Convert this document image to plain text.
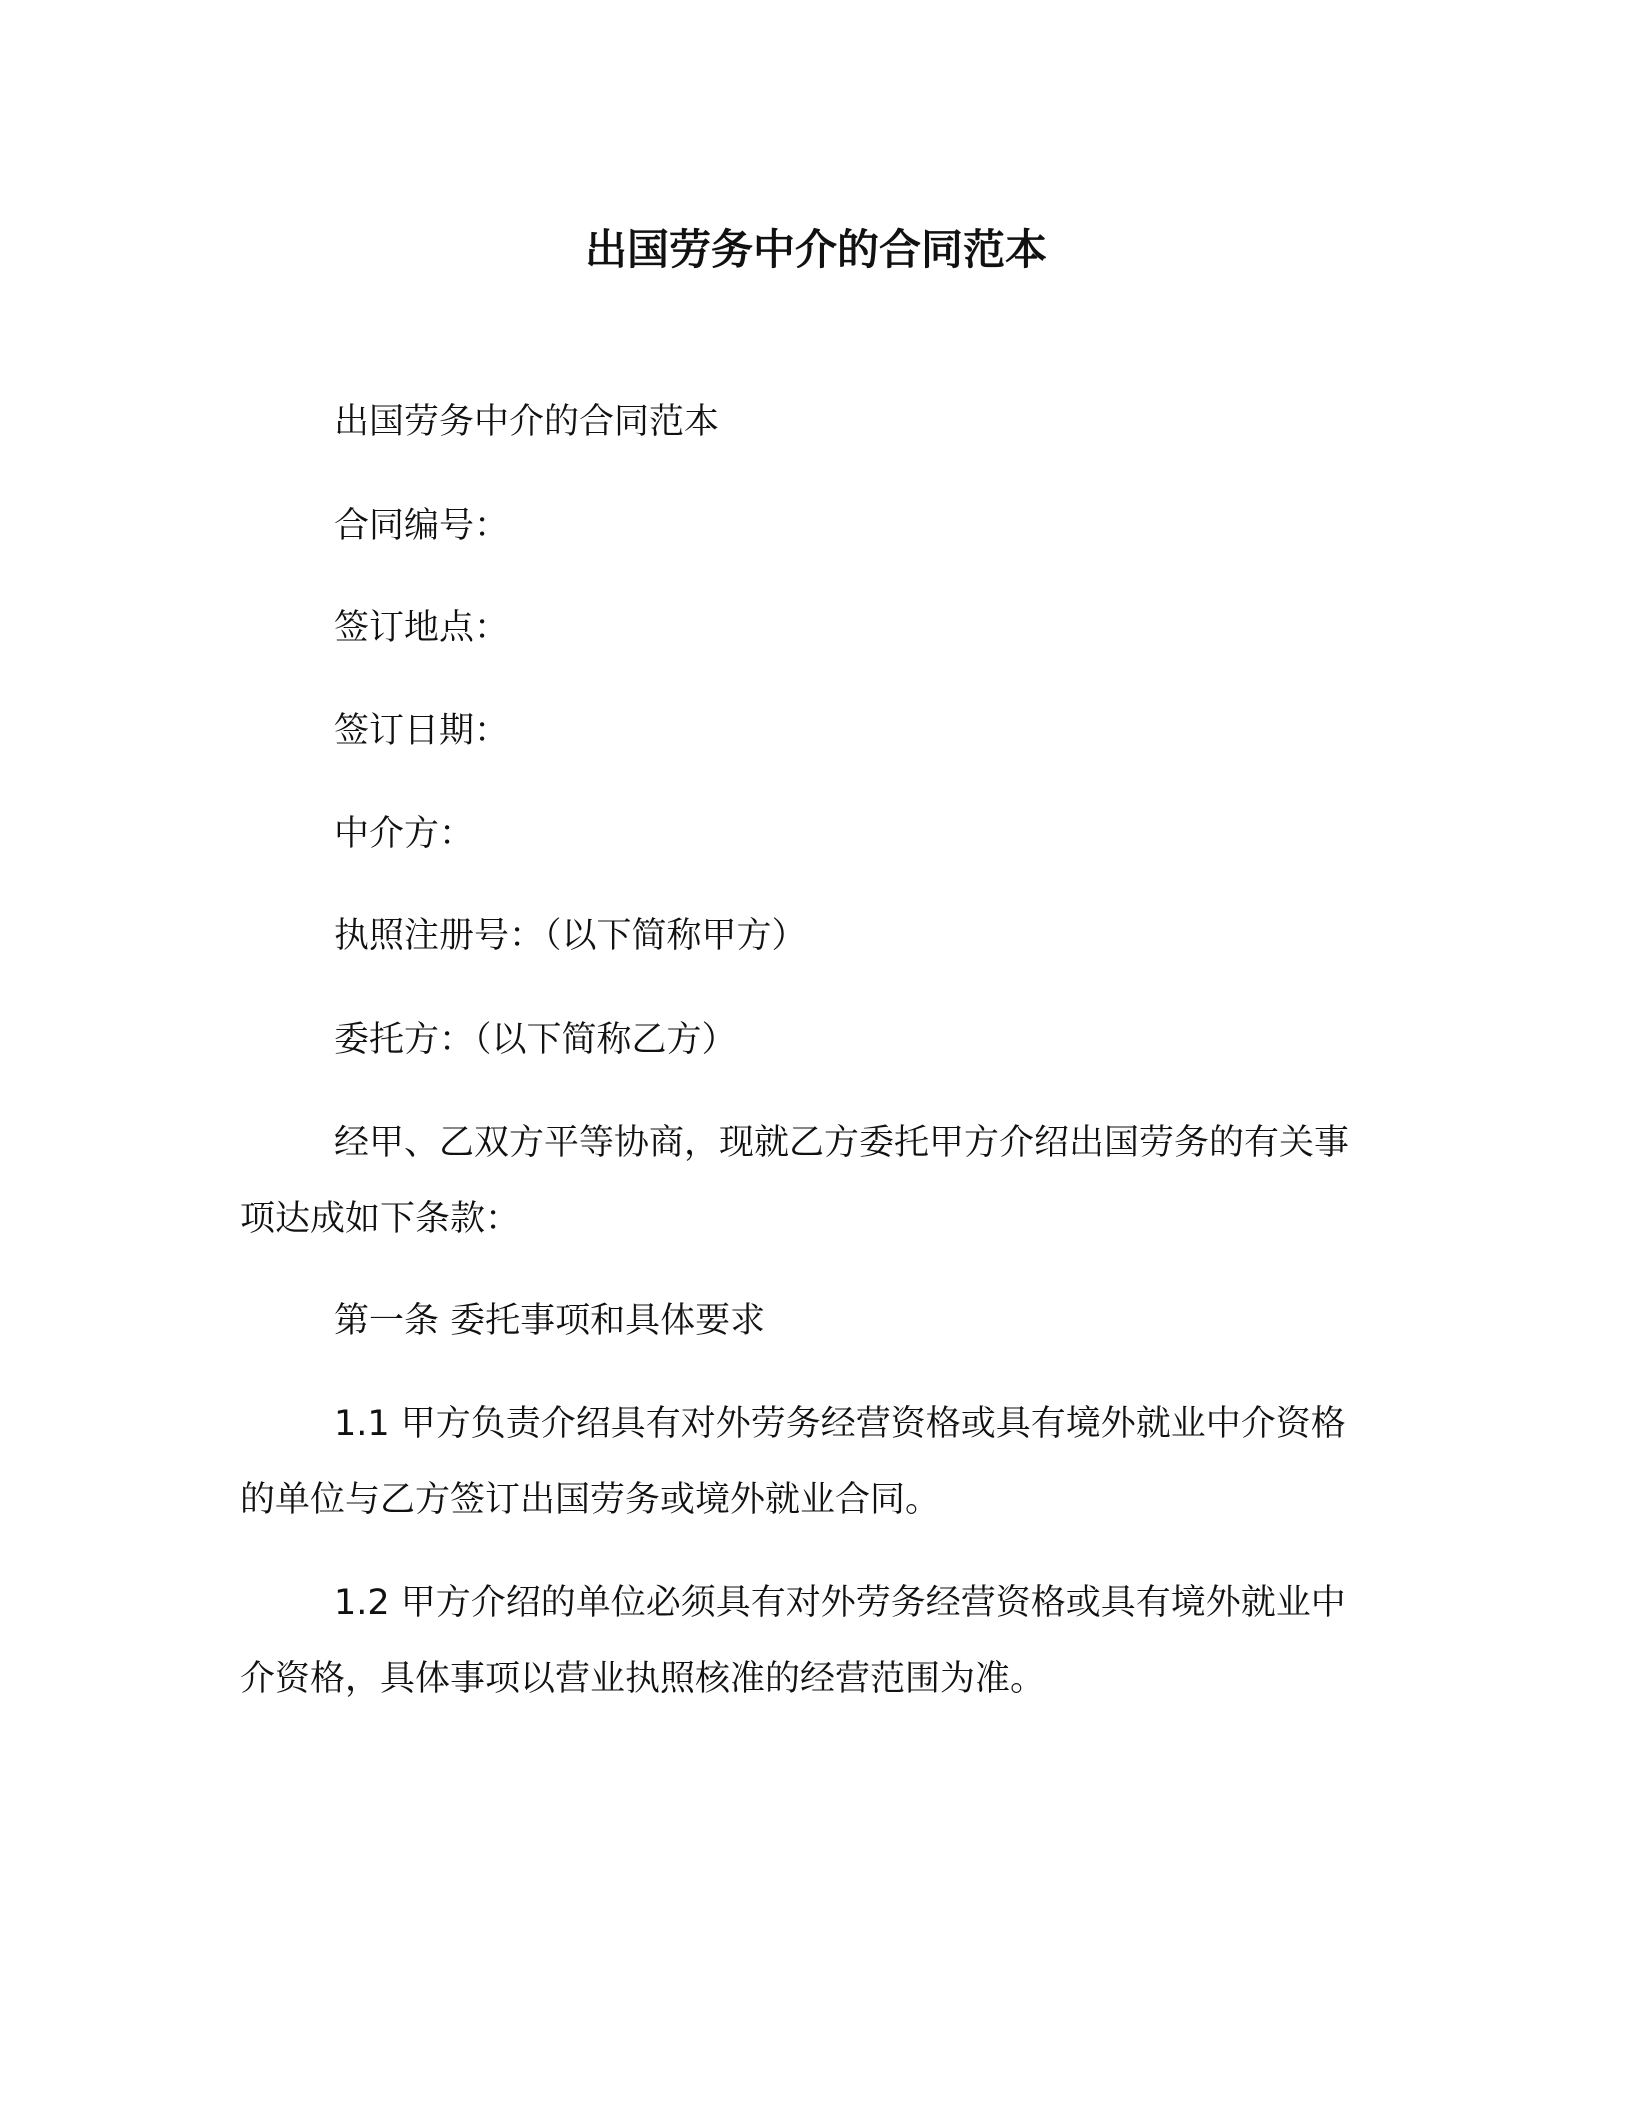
出国劳务中介的合同范本

出国劳务中介的合同范本

合同编号：

签订地点：

签订日期：

中介方：

执照注册号：（以下简称甲方）

委托方：（以下简称乙方）

经甲、乙双方平等协商，现就乙方委托甲方介绍出国劳务的有关事项达成如下条款：

第一条 委托事项和具体要求

1.1 甲方负责介绍具有对外劳务经营资格或具有境外就业中介资格的单位与乙方签订出国劳务或境外就业合同。

1.2 甲方介绍的单位必须具有对外劳务经营资格或具有境外就业中介资格，具体事项以营业执照核准的经营范围为准。
